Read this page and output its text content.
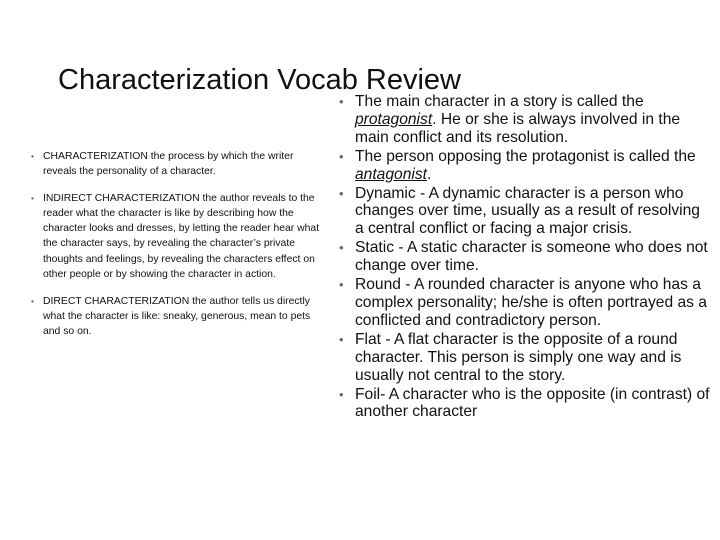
Characterization Vocab Review
• CHARACTERIZATION the process by which the writer reveals the personality of a character.
• INDIRECT CHARACTERIZATION the author reveals to the reader what the character is like by describing how the character looks and dresses, by letting the reader hear what the character says, by revealing the character’s private thoughts and feelings, by revealing the characters effect on other people or by showing the character in action.
• DIRECT CHARACTERIZATION the author tells us directly what the character is like: sneaky, generous, mean to pets and so on.
• The main character in a story is called the protagonist. He or she is always involved in the main conflict and its resolution.
• The person opposing the protagonist is called the antagonist.
• Dynamic - A dynamic character is a person who changes over time, usually as a result of resolving a central conflict or facing a major crisis.
• Static - A static character is someone who does not change over time.
• Round - A rounded character is anyone who has a complex personality; he/she is often portrayed as a conflicted and contradictory person.
• Flat - A flat character is the opposite of a round character. This person is simply one way and is usually not central to the story.
• Foil- A character who is the opposite (in contrast) of another character
